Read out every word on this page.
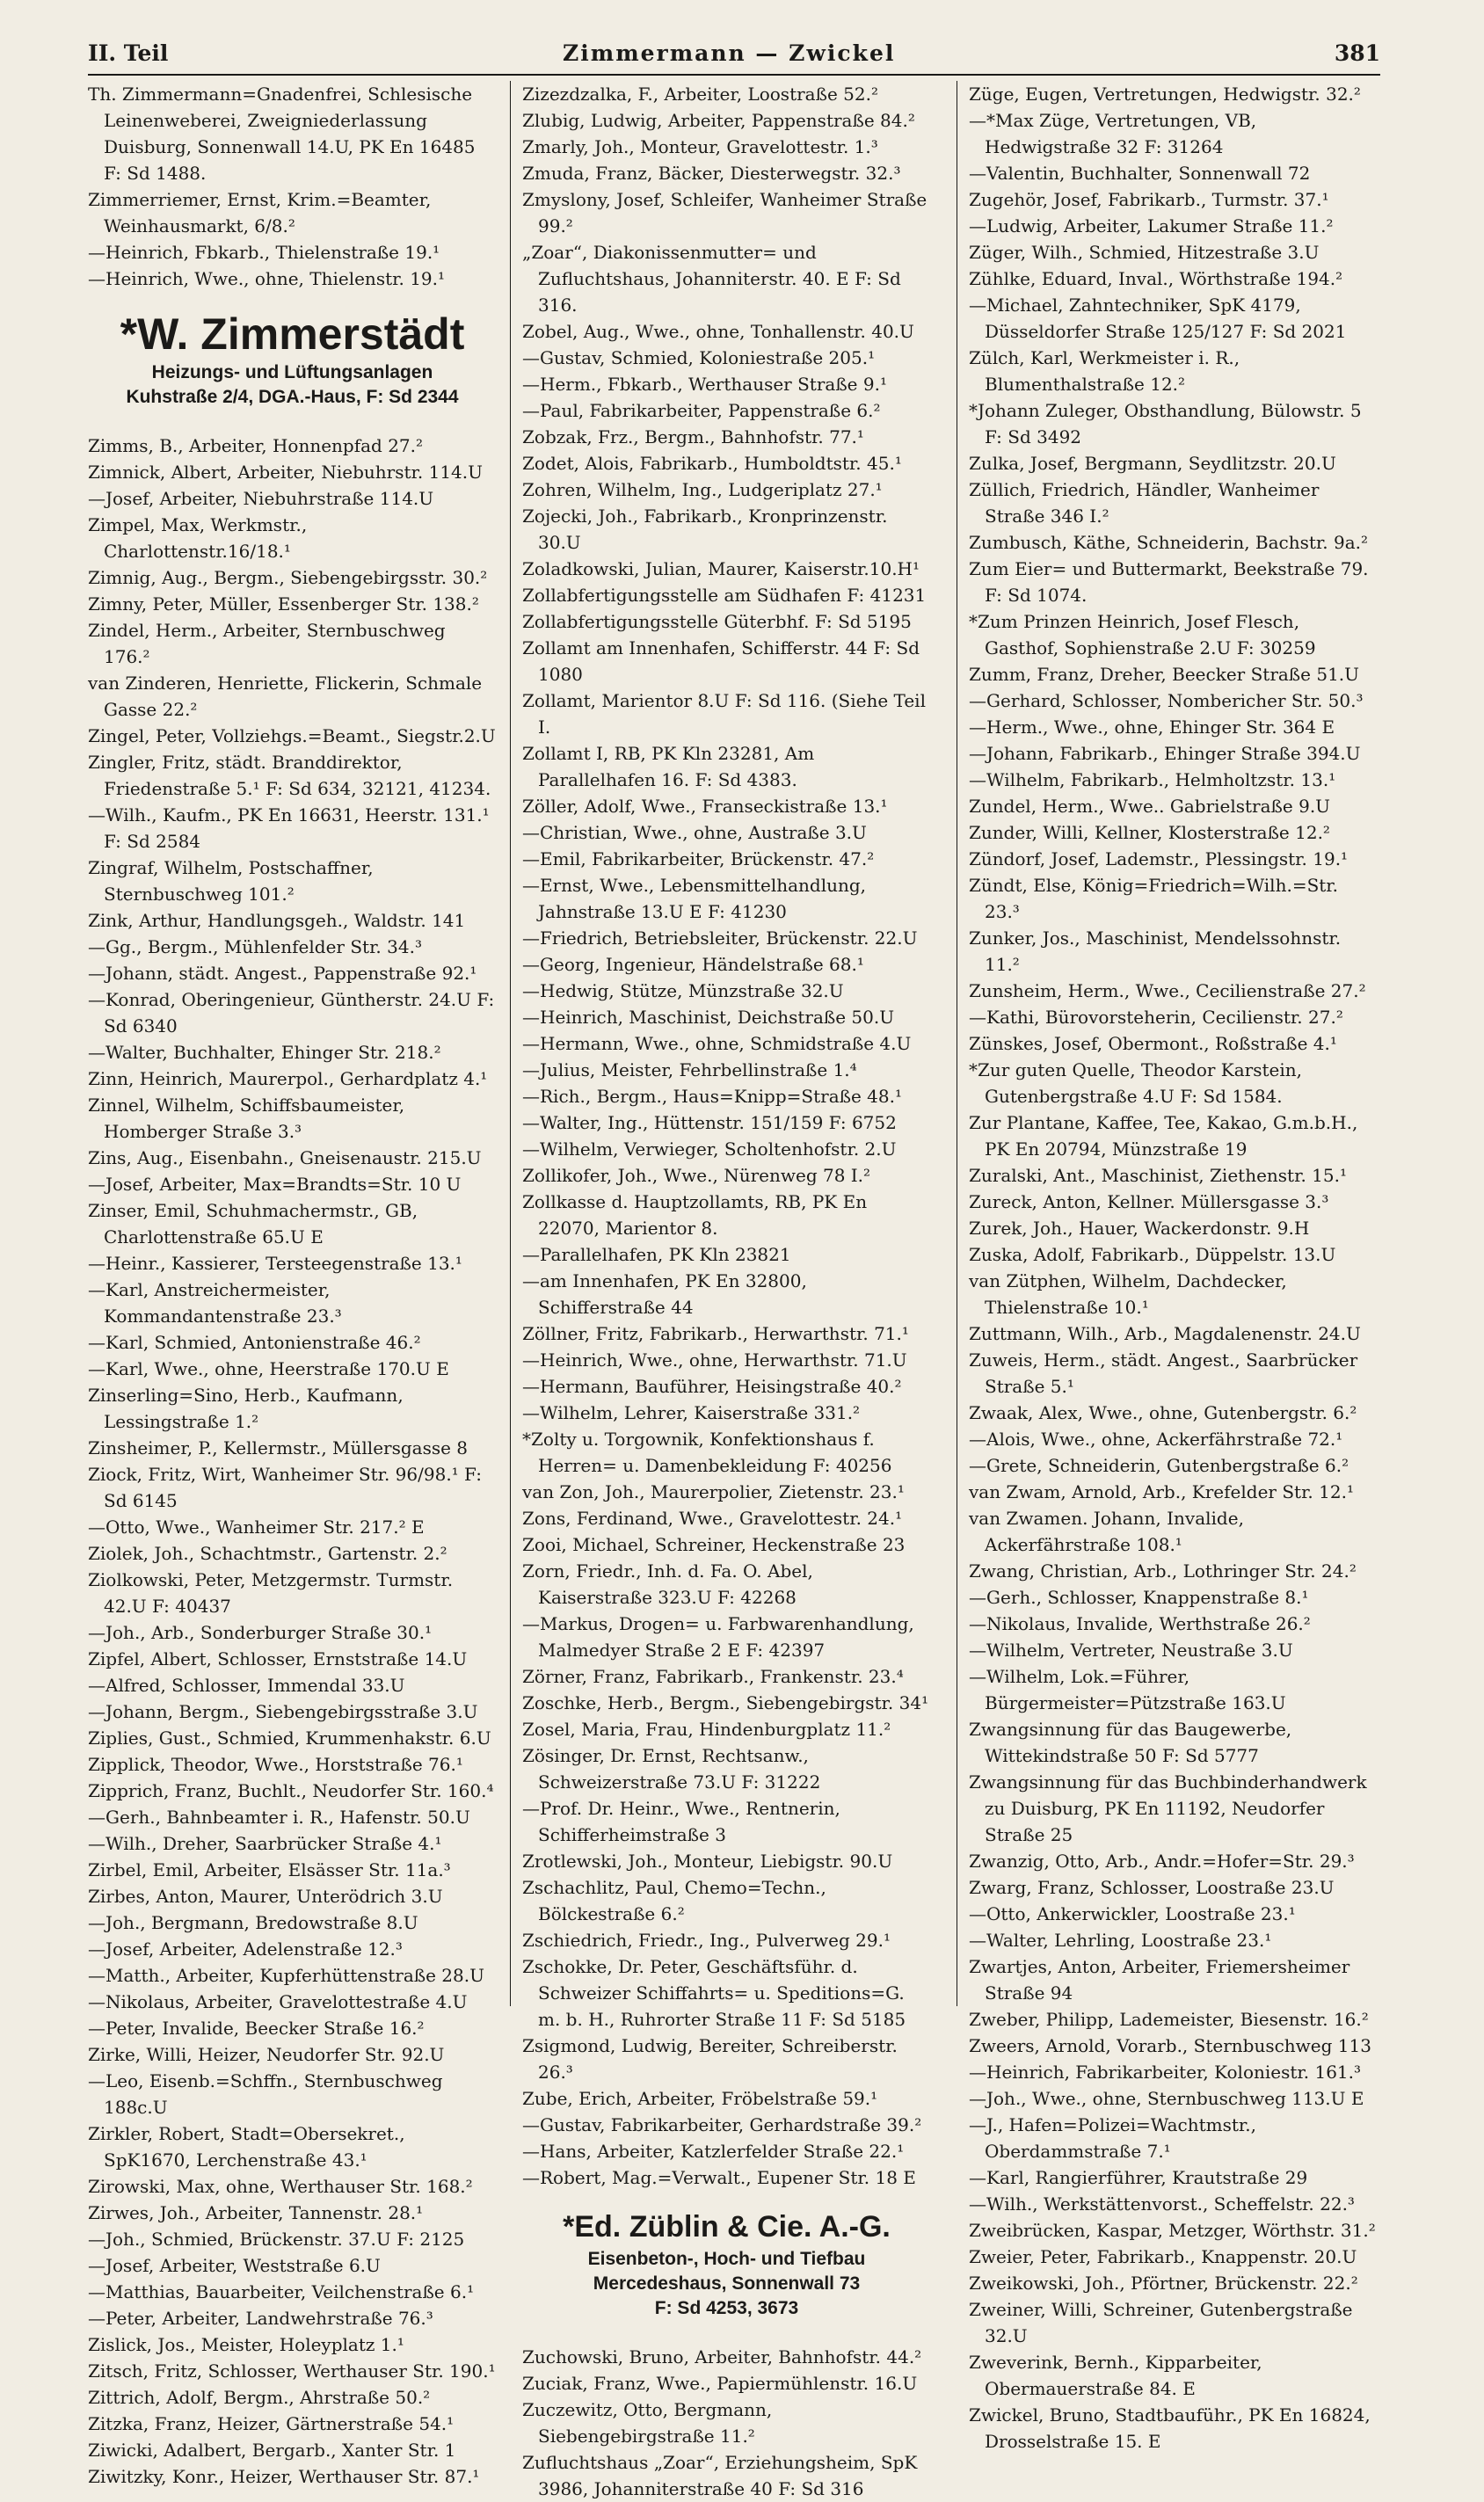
II. Teil	Zimmermann — Zwickel	381

Th. Zimmermann=Gnadenfrei, Schlesische Leinenweberei, Zweigniederlassung Duisburg, Sonnenwall 14.U, PK En 16485 F: Sd 1488.

Zimmerriemer, Ernst, Krim.=Beamter, Weinhausmarkt, 6/8.²

—Heinrich, Fbkarb., Thielenstraße 19.¹

—Heinrich, Wwe., ohne, Thielenstr. 19.¹

*W. Zimmerstädt
Heizungs- und Lüftungsanlagen
Kuhstraße 2/4, DGA.-Haus, F: Sd 2344

Zimms, B., Arbeiter, Honnenpfad 27.²

Zimnick, Albert, Arbeiter, Niebuhrstr. 114.U

—Josef, Arbeiter, Niebuhrstraße 114.U

Zimpel, Max, Werkmstr., Charlottenstr.16/18.¹

Zimnig, Aug., Bergm., Siebengebirgsstr. 30.²

Zimny, Peter, Müller, Essenberger Str. 138.²

Zindel, Herm., Arbeiter, Sternbuschweg 176.²

van Zinderen, Henriette, Flickerin, Schmale Gasse 22.²

Zingel, Peter, Vollziehgs.=Beamt., Siegstr.2.U

Zingler, Fritz, städt. Branddirektor, Friedenstraße 5.¹ F: Sd 634, 32121, 41234.

—Wilh., Kaufm., PK En 16631, Heerstr. 131.¹ F: Sd 2584

Zingraf, Wilhelm, Postschaffner, Sternbuschweg 101.²

Zink, Arthur, Handlungsgeh., Waldstr. 141

—Gg., Bergm., Mühlenfelder Str. 34.³

—Johann, städt. Angest., Pappenstraße 92.¹

—Konrad, Oberingenieur, Güntherstr. 24.U F: Sd 6340

—Walter, Buchhalter, Ehinger Str. 218.²

Zinn, Heinrich, Maurerpol., Gerhardplatz 4.¹

Zinnel, Wilhelm, Schiffsbaumeister, Homberger Straße 3.³

Zins, Aug., Eisenbahn., Gneisenaustr. 215.U

—Josef, Arbeiter, Max=Brandts=Str. 10 U

Zinser, Emil, Schuhmachermstr., GB, Charlottenstraße 65.U E

—Heinr., Kassierer, Tersteegenstraße 13.¹

—Karl, Anstreichermeister, Kommandantenstraße 23.³

—Karl, Schmied, Antonienstraße 46.²

—Karl, Wwe., ohne, Heerstraße 170.U E

Zinserling=Sino, Herb., Kaufmann, Lessingstraße 1.²

Zinsheimer, P., Kellermstr., Müllersgasse 8

Ziock, Fritz, Wirt, Wanheimer Str. 96/98.¹ F: Sd 6145

—Otto, Wwe., Wanheimer Str. 217.² E

Ziolek, Joh., Schachtmstr., Gartenstr. 2.²

Ziolkowski, Peter, Metzgermstr. Turmstr. 42.U F: 40437

—Joh., Arb., Sonderburger Straße 30.¹

Zipfel, Albert, Schlosser, Ernststraße 14.U

—Alfred, Schlosser, Immendal 33.U

—Johann, Bergm., Siebengebirgsstraße 3.U

Ziplies, Gust., Schmied, Krummenhakstr. 6.U

Zipplick, Theodor, Wwe., Horststraße 76.¹

Zipprich, Franz, Buchlt., Neudorfer Str. 160.⁴

—Gerh., Bahnbeamter i. R., Hafenstr. 50.U

—Wilh., Dreher, Saarbrücker Straße 4.¹

Zirbel, Emil, Arbeiter, Elsässer Str. 11a.³

Zirbes, Anton, Maurer, Unterödrich 3.U

—Joh., Bergmann, Bredowstraße 8.U

—Josef, Arbeiter, Adelenstraße 12.³

—Matth., Arbeiter, Kupferhüttenstraße 28.U

—Nikolaus, Arbeiter, Gravelottestraße 4.U

—Peter, Invalide, Beecker Straße 16.²

Zirke, Willi, Heizer, Neudorfer Str. 92.U

—Leo, Eisenb.=Schffn., Sternbuschweg 188c.U

Zirkler, Robert, Stadt=Obersekret., SpK1670, Lerchenstraße 43.¹

Zirowski, Max, ohne, Werthauser Str. 168.²

Zirwes, Joh., Arbeiter, Tannenstr. 28.¹

—Joh., Schmied, Brückenstr. 37.U F: 2125

—Josef, Arbeiter, Weststraße 6.U

—Matthias, Bauarbeiter, Veilchenstraße 6.¹

—Peter, Arbeiter, Landwehrstraße 76.³

Zislick, Jos., Meister, Holeyplatz 1.¹

Zitsch, Fritz, Schlosser, Werthauser Str. 190.¹

Zittrich, Adolf, Bergm., Ahrstraße 50.²

Zitzka, Franz, Heizer, Gärtnerstraße 54.¹

Ziwicki, Adalbert, Bergarb., Xanter Str. 1

Ziwitzky, Konr., Heizer, Werthauser Str. 87.¹

Zizezdzalka, F., Arbeiter, Loostraße 52.²

Zlubig, Ludwig, Arbeiter, Pappenstraße 84.²

Zmarly, Joh., Monteur, Gravelottestr. 1.³

Zmuda, Franz, Bäcker, Diesterwegstr. 32.³

Zmyslony, Josef, Schleifer, Wanheimer Straße 99.²

„Zoar“, Diakonissenmutter= und Zufluchtshaus, Johanniterstr. 40. E F: Sd 316.

Zobel, Aug., Wwe., ohne, Tonhallenstr. 40.U

—Gustav, Schmied, Koloniestraße 205.¹

—Herm., Fbkarb., Werthauser Straße 9.¹

—Paul, Fabrikarbeiter, Pappenstraße 6.²

Zobzak, Frz., Bergm., Bahnhofstr. 77.¹

Zodet, Alois, Fabrikarb., Humboldtstr. 45.¹

Zohren, Wilhelm, Ing., Ludgeriplatz 27.¹

Zojecki, Joh., Fabrikarb., Kronprinzenstr. 30.U

Zoladkowski, Julian, Maurer, Kaiserstr.10.H¹

Zollabfertigungsstelle am Südhafen F: 41231

Zollabfertigungsstelle Güterbhf. F: Sd 5195

Zollamt am Innenhafen, Schifferstr. 44 F: Sd 1080

Zollamt, Marientor 8.U F: Sd 116. (Siehe Teil I.

Zollamt I, RB, PK Kln 23281, Am Parallelhafen 16. F: Sd 4383.

Zöller, Adolf, Wwe., Franseckistraße 13.¹

—Christian, Wwe., ohne, Austraße 3.U

—Emil, Fabrikarbeiter, Brückenstr. 47.²

—Ernst, Wwe., Lebensmittelhandlung, Jahnstraße 13.U E F: 41230

—Friedrich, Betriebsleiter, Brückenstr. 22.U

—Georg, Ingenieur, Händelstraße 68.¹

—Hedwig, Stütze, Münzstraße 32.U

—Heinrich, Maschinist, Deichstraße 50.U

—Hermann, Wwe., ohne, Schmidstraße 4.U

—Julius, Meister, Fehrbellinstraße 1.⁴

—Rich., Bergm., Haus=Knipp=Straße 48.¹

—Walter, Ing., Hüttenstr. 151/159 F: 6752

—Wilhelm, Verwieger, Scholtenhofstr. 2.U

Zollikofer, Joh., Wwe., Nürenweg 78 I.²

Zollkasse d. Hauptzollamts, RB, PK En 22070, Marientor 8.

—Parallelhafen, PK Kln 23821

—am Innenhafen, PK En 32800, Schifferstraße 44

Zöllner, Fritz, Fabrikarb., Herwarthstr. 71.¹

—Heinrich, Wwe., ohne, Herwarthstr. 71.U

—Hermann, Bauführer, Heisingstraße 40.²

—Wilhelm, Lehrer, Kaiserstraße 331.²

*Zolty u. Torgownik, Konfektionshaus f. Herren= u. Damenbekleidung F: 40256

van Zon, Joh., Maurerpolier, Zietenstr. 23.¹

Zons, Ferdinand, Wwe., Gravelottestr. 24.¹

Zooi, Michael, Schreiner, Heckenstraße 23

Zorn, Friedr., Inh. d. Fa. O. Abel, Kaiserstraße 323.U F: 42268

—Markus, Drogen= u. Farbwarenhandlung, Malmedyer Straße 2 E F: 42397

Zörner, Franz, Fabrikarb., Frankenstr. 23.⁴

Zoschke, Herb., Bergm., Siebengebirgstr. 34¹

Zosel, Maria, Frau, Hindenburgplatz 11.²

Zösinger, Dr. Ernst, Rechtsanw., Schweizerstraße 73.U F: 31222

—Prof. Dr. Heinr., Wwe., Rentnerin, Schifferheimstraße 3

Zrotlewski, Joh., Monteur, Liebigstr. 90.U

Zschachlitz, Paul, Chemo=Techn., Bölckestraße 6.²

Zschiedrich, Friedr., Ing., Pulverweg 29.¹

Zschokke, Dr. Peter, Geschäftsführ. d. Schweizer Schiffahrts= u. Speditions=G. m. b. H., Ruhrorter Straße 11 F: Sd 5185

Zsigmond, Ludwig, Bereiter, Schreiberstr. 26.³

Zube, Erich, Arbeiter, Fröbelstraße 59.¹

—Gustav, Fabrikarbeiter, Gerhardstraße 39.²

—Hans, Arbeiter, Katzlerfelder Straße 22.¹

—Robert, Mag.=Verwalt., Eupener Str. 18 E

*Ed. Züblin & Cie. A.-G.
Eisenbeton-, Hoch- und Tiefbau
Mercedeshaus, Sonnenwall 73
F: Sd 4253, 3673

Zuchowski, Bruno, Arbeiter, Bahnhofstr. 44.²

Zuciak, Franz, Wwe., Papiermühlenstr. 16.U

Zuczewitz, Otto, Bergmann, Siebengebirgstraße 11.²

Zufluchtshaus „Zoar“, Erziehungsheim, SpK 3986, Johanniterstraße 40 F: Sd 316

Züge, Eugen, Vertretungen, Hedwigstr. 32.²

—*Max Züge, Vertretungen, VB, Hedwigstraße 32 F: 31264

—Valentin, Buchhalter, Sonnenwall 72

Zugehör, Josef, Fabrikarb., Turmstr. 37.¹

—Ludwig, Arbeiter, Lakumer Straße 11.²

Züger, Wilh., Schmied, Hitzestraße 3.U

Zühlke, Eduard, Inval., Wörthstraße 194.²

—Michael, Zahntechniker, SpK 4179, Düsseldorfer Straße 125/127 F: Sd 2021

Zülch, Karl, Werkmeister i. R., Blumenthalstraße 12.²

*Johann Zuleger, Obsthandlung, Bülowstr. 5 F: Sd 3492

Zulka, Josef, Bergmann, Seydlitzstr. 20.U

Züllich, Friedrich, Händler, Wanheimer Straße 346 I.²

Zumbusch, Käthe, Schneiderin, Bachstr. 9a.²

Zum Eier= und Buttermarkt, Beekstraße 79. F: Sd 1074.

*Zum Prinzen Heinrich, Josef Flesch, Gasthof, Sophienstraße 2.U F: 30259

Zumm, Franz, Dreher, Beecker Straße 51.U

—Gerhard, Schlosser, Nombericher Str. 50.³

—Herm., Wwe., ohne, Ehinger Str. 364 E

—Johann, Fabrikarb., Ehinger Straße 394.U

—Wilhelm, Fabrikarb., Helmholtzstr. 13.¹

Zundel, Herm., Wwe.. Gabrielstraße 9.U

Zunder, Willi, Kellner, Klosterstraße 12.²

Zündorf, Josef, Lademstr., Plessingstr. 19.¹

Zündt, Else, König=Friedrich=Wilh.=Str. 23.³

Zunker, Jos., Maschinist, Mendelssohnstr. 11.²

Zunsheim, Herm., Wwe., Cecilienstraße 27.²

—Kathi, Bürovorsteherin, Cecilienstr. 27.²

Zünskes, Josef, Obermont., Roßstraße 4.¹

*Zur guten Quelle, Theodor Karstein, Gutenbergstraße 4.U F: Sd 1584.

Zur Plantane, Kaffee, Tee, Kakao, G.m.b.H., PK En 20794, Münzstraße 19

Zuralski, Ant., Maschinist, Ziethenstr. 15.¹

Zureck, Anton, Kellner. Müllersgasse 3.³

Zurek, Joh., Hauer, Wackerdonstr. 9.H

Zuska, Adolf, Fabrikarb., Düppelstr. 13.U

van Zütphen, Wilhelm, Dachdecker, Thielenstraße 10.¹

Zuttmann, Wilh., Arb., Magdalenenstr. 24.U

Zuweis, Herm., städt. Angest., Saarbrücker Straße 5.¹

Zwaak, Alex, Wwe., ohne, Gutenbergstr. 6.²

—Alois, Wwe., ohne, Ackerfährstraße 72.¹

—Grete, Schneiderin, Gutenbergstraße 6.²

van Zwam, Arnold, Arb., Krefelder Str. 12.¹

van Zwamen. Johann, Invalide, Ackerfährstraße 108.¹

Zwang, Christian, Arb., Lothringer Str. 24.²

—Gerh., Schlosser, Knappenstraße 8.¹

—Nikolaus, Invalide, Werthstraße 26.²

—Wilhelm, Vertreter, Neustraße 3.U

—Wilhelm, Lok.=Führer, Bürgermeister=Pützstraße 163.U

Zwangsinnung für das Baugewerbe, Wittekindstraße 50 F: Sd 5777

Zwangsinnung für das Buchbinderhandwerk zu Duisburg, PK En 11192, Neudorfer Straße 25

Zwanzig, Otto, Arb., Andr.=Hofer=Str. 29.³

Zwarg, Franz, Schlosser, Loostraße 23.U

—Otto, Ankerwickler, Loostraße 23.¹

—Walter, Lehrling, Loostraße 23.¹

Zwartjes, Anton, Arbeiter, Friemersheimer Straße 94

Zweber, Philipp, Lademeister, Biesenstr. 16.²

Zweers, Arnold, Vorarb., Sternbuschweg 113

—Heinrich, Fabrikarbeiter, Koloniestr. 161.³

—Joh., Wwe., ohne, Sternbuschweg 113.U E

—J., Hafen=Polizei=Wachtmstr., Oberdammstraße 7.¹

—Karl, Rangierführer, Krautstraße 29

—Wilh., Werkstättenvorst., Scheffelstr. 22.³

Zweibrücken, Kaspar, Metzger, Wörthstr. 31.²

Zweier, Peter, Fabrikarb., Knappenstr. 20.U

Zweikowski, Joh., Pförtner, Brückenstr. 22.²

Zweiner, Willi, Schreiner, Gutenbergstraße 32.U

Zweverink, Bernh., Kipparbeiter, Obermauerstraße 84. E

Zwickel, Bruno, Stadtbauführ., PK En 16824, Drosselstraße 15. E
